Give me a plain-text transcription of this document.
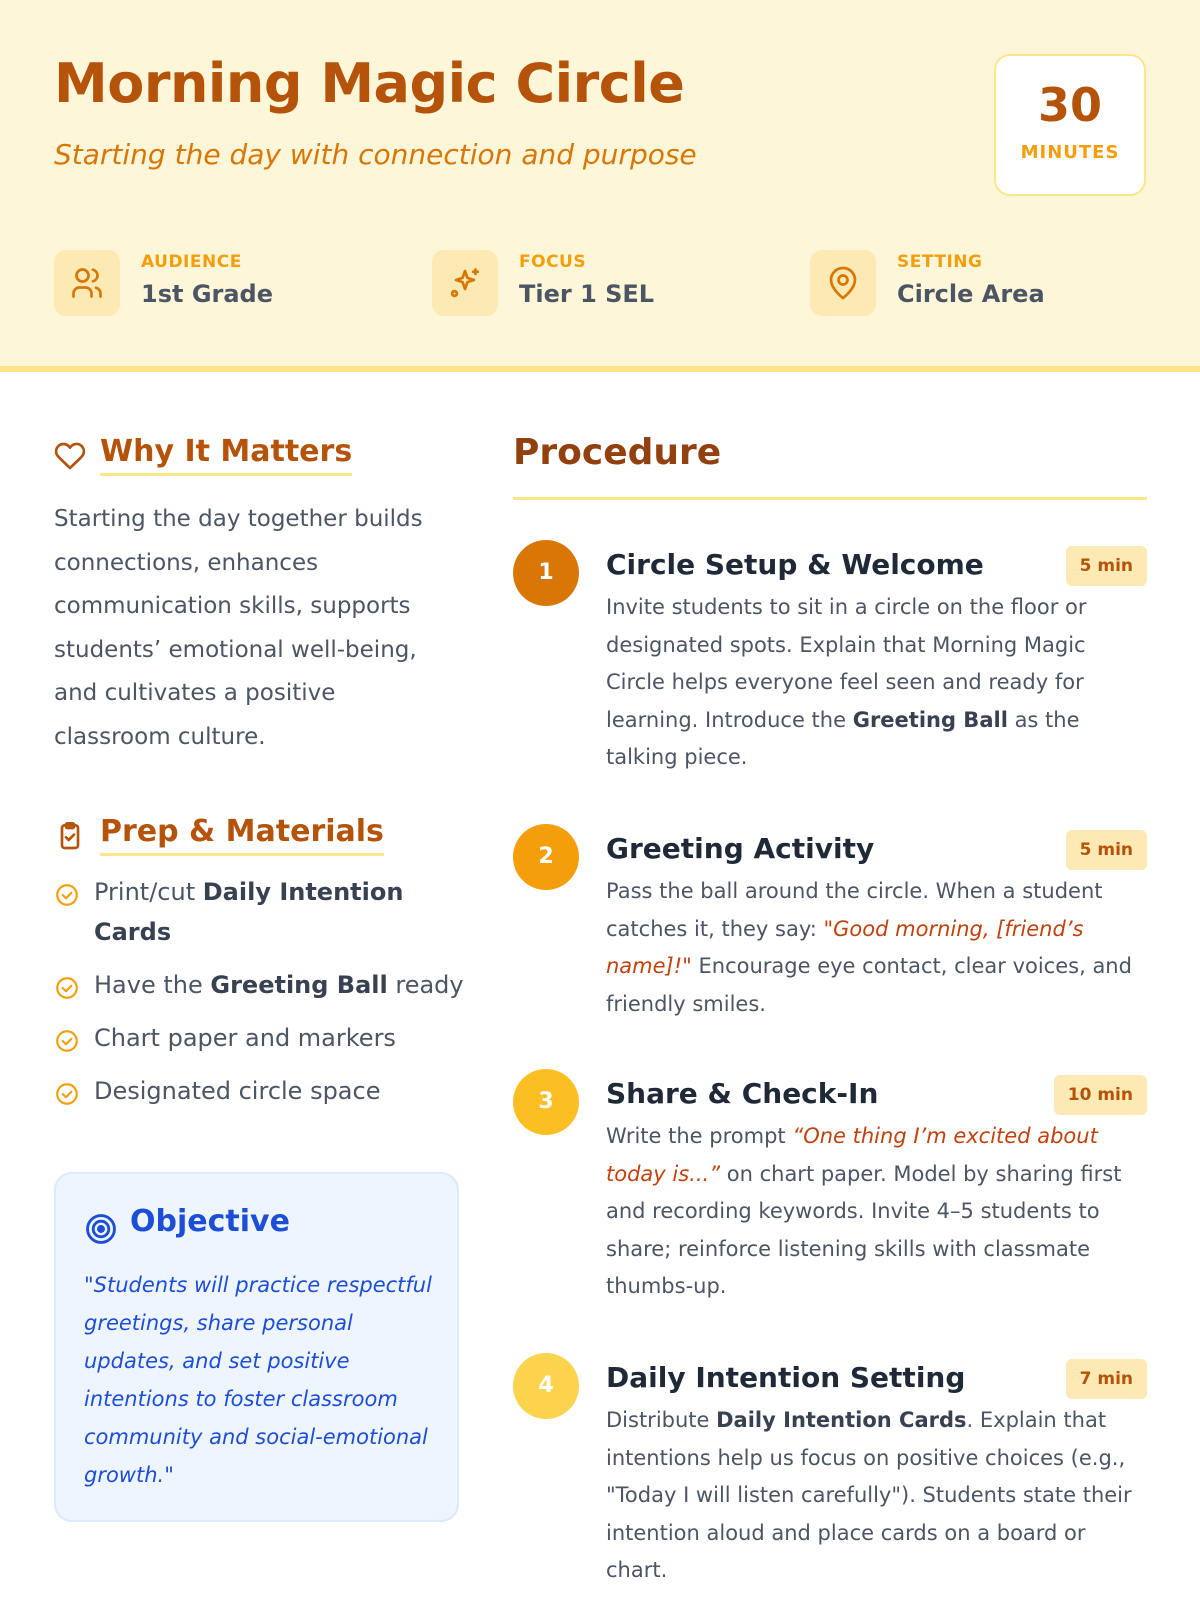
Morning Magic Circle

Starting the day with connection and purpose

30
MINUTES
AUDIENCE
1st Grade
FOCUS
Tier 1 SEL
SETTING
Circle Area
Why It Matters

Starting the day together builds connections, enhances communication skills, supports students’ emotional well-being, and cultivates a positive classroom culture.

Prep & Materials
Print/cut Daily Intention Cards
Have the Greeting Ball ready
Chart paper and markers
Designated circle space
Objective

"Students will practice respectful greetings, share personal updates, and set positive intentions to foster classroom community and social-emotional growth."

Procedure
1	Circle Setup & Welcome	5 min

Invite students to sit in a circle on the floor or designated spots. Explain that Morning Magic Circle helps everyone feel seen and ready for learning. Introduce the Greeting Ball as the talking piece.

2	Greeting Activity	5 min

Pass the ball around the circle. When a student catches it, they say: "Good morning, [friend’s name]!" Encourage eye contact, clear voices, and friendly smiles.

3	Share & Check-In	10 min

Write the prompt “One thing I’m excited about today is...” on chart paper. Model by sharing first and recording keywords. Invite 4–5 students to share; reinforce listening skills with classmate thumbs-up.

4	Daily Intention Setting	7 min

Distribute Daily Intention Cards. Explain that intentions help us focus on positive choices (e.g., "Today I will listen carefully"). Students state their intention aloud and place cards on a board or chart.
